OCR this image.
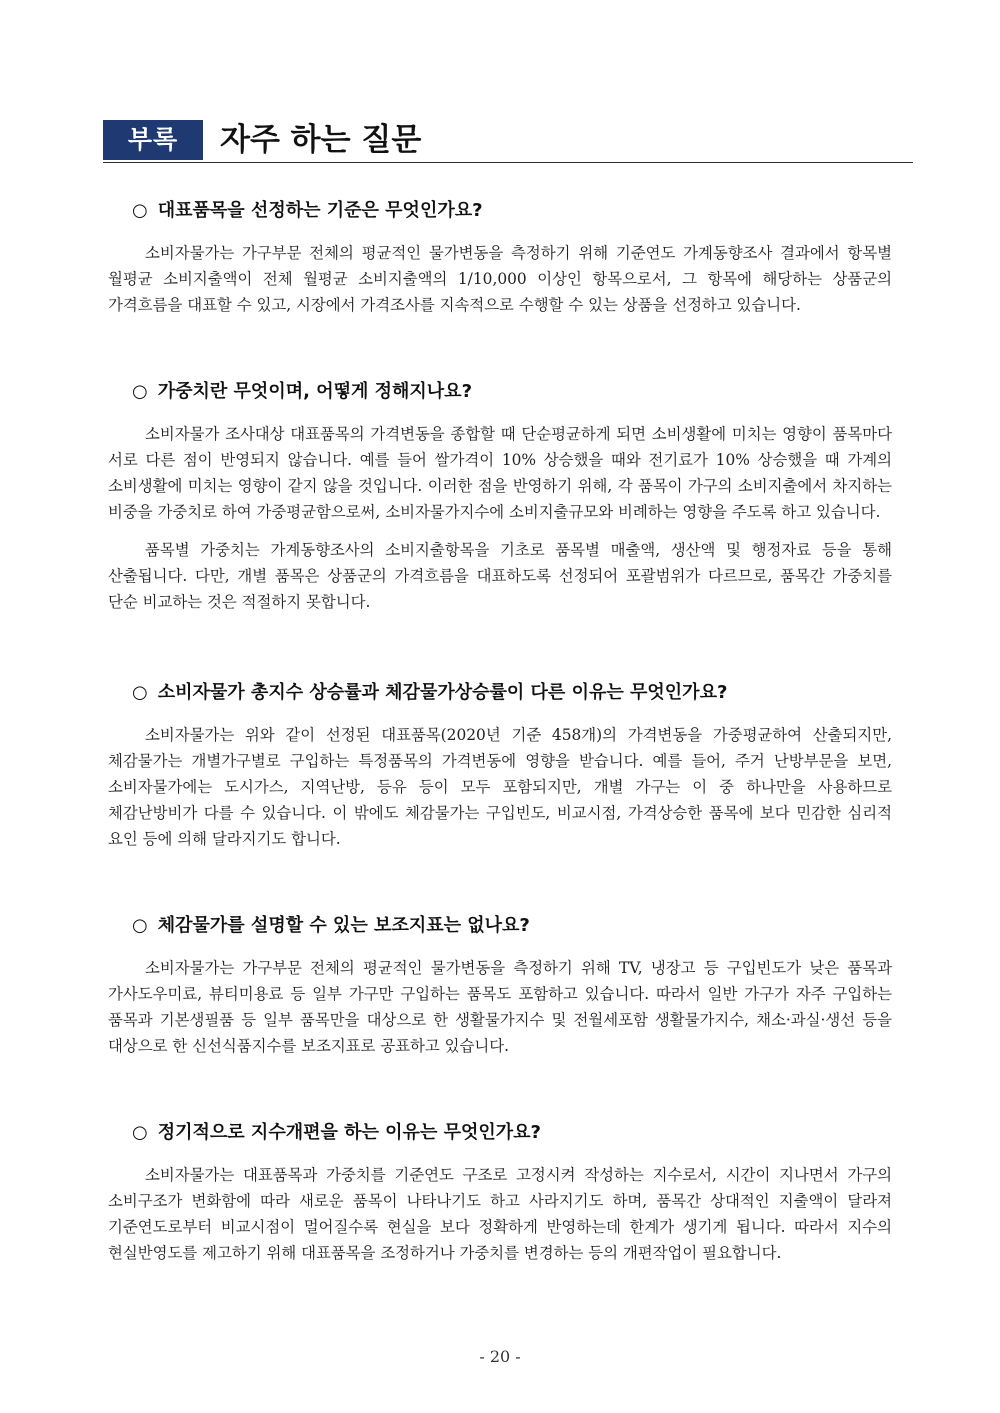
부록	자주 하는 질문
○ 대표품목을 선정하는 기준은 무엇인가요?

소비자물가는 가구부문 전체의 평균적인 물가변동을 측정하기 위해 기준연도 가계동향조사 결과에서 항목별 월평균 소비지출액이 전체 월평균 소비지출액의 1/10,000 이상인 항목으로서, 그 항목에 해당하는 상품군의 가격흐름을 대표할 수 있고, 시장에서 가격조사를 지속적으로 수행할 수 있는 상품을 선정하고 있습니다.

○ 가중치란 무엇이며, 어떻게 정해지나요?

소비자물가 조사대상 대표품목의 가격변동을 종합할 때 단순평균하게 되면 소비생활에 미치는 영향이 품목마다 서로 다른 점이 반영되지 않습니다. 예를 들어 쌀가격이 10% 상승했을 때와 전기료가 10% 상승했을 때 가계의 소비생활에 미치는 영향이 같지 않을 것입니다. 이러한 점을 반영하기 위해, 각 품목이 가구의 소비지출에서 차지하는 비중을 가중치로 하여 가중평균함으로써, 소비자물가지수에 소비지출규모와 비례하는 영향을 주도록 하고 있습니다.

품목별 가중치는 가계동향조사의 소비지출항목을 기초로 품목별 매출액, 생산액 및 행정자료 등을 통해 산출됩니다. 다만, 개별 품목은 상품군의 가격흐름을 대표하도록 선정되어 포괄범위가 다르므로, 품목간 가중치를 단순 비교하는 것은 적절하지 못합니다.

○ 소비자물가 총지수 상승률과 체감물가상승률이 다른 이유는 무엇인가요?

소비자물가는 위와 같이 선정된 대표품목(2020년 기준 458개)의 가격변동을 가중평균하여 산출되지만, 체감물가는 개별가구별로 구입하는 특정품목의 가격변동에 영향을 받습니다. 예를 들어, 주거 난방부문을 보면, 소비자물가에는 도시가스, 지역난방, 등유 등이 모두 포함되지만, 개별 가구는 이 중 하나만을 사용하므로 체감난방비가 다를 수 있습니다. 이 밖에도 체감물가는 구입빈도, 비교시점, 가격상승한 품목에 보다 민감한 심리적 요인 등에 의해 달라지기도 합니다.

○ 체감물가를 설명할 수 있는 보조지표는 없나요?

소비자물가는 가구부문 전체의 평균적인 물가변동을 측정하기 위해 TV, 냉장고 등 구입빈도가 낮은 품목과 가사도우미료, 뷰티미용료 등 일부 가구만 구입하는 품목도 포함하고 있습니다. 따라서 일반 가구가 자주 구입하는 품목과 기본생필품 등 일부 품목만을 대상으로 한 생활물가지수 및 전월세포함 생활물가지수, 채소·과실·생선 등을 대상으로 한 신선식품지수를 보조지표로 공표하고 있습니다.

○ 정기적으로 지수개편을 하는 이유는 무엇인가요?

소비자물가는 대표품목과 가중치를 기준연도 구조로 고정시켜 작성하는 지수로서, 시간이 지나면서 가구의 소비구조가 변화함에 따라 새로운 품목이 나타나기도 하고 사라지기도 하며, 품목간 상대적인 지출액이 달라져 기준연도로부터 비교시점이 멀어질수록 현실을 보다 정확하게 반영하는데 한계가 생기게 됩니다. 따라서 지수의 현실반영도를 제고하기 위해 대표품목을 조정하거나 가중치를 변경하는 등의 개편작업이 필요합니다.

- 20 -
